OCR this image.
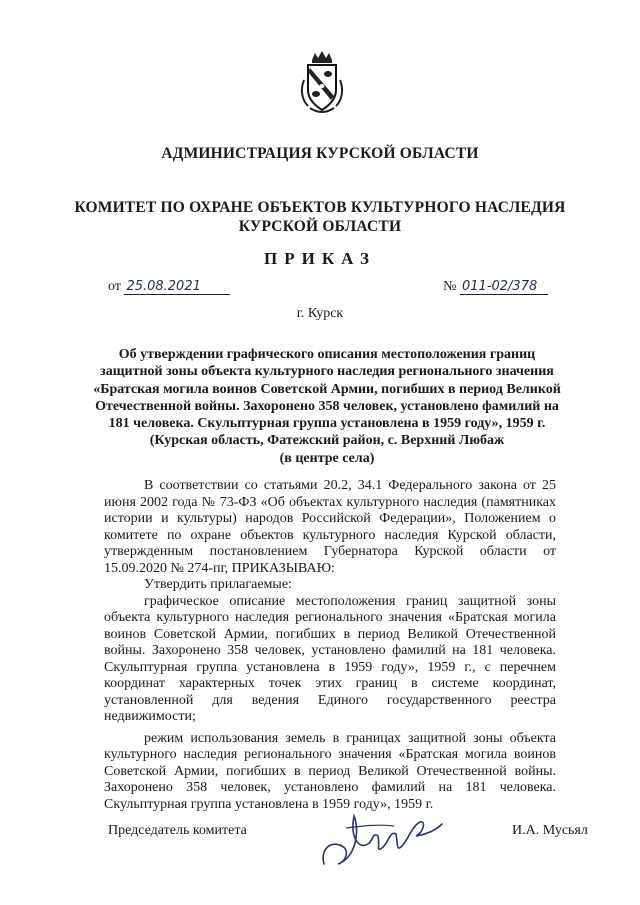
АДМИНИСТРАЦИЯ КУРСКОЙ ОБЛАСТИ
КОМИТЕТ ПО ОХРАНЕ ОБЪЕКТОВ КУЛЬТУРНОГО НАСЛЕДИЯ
КУРСКОЙ ОБЛАСТИ
ПРИКАЗ
от 25.08.2021	№ 011-02/378
г. Курск
Об утверждении графического описания местоположения границ
защитной зоны объекта культурного наследия регионального значения
«Братская могила воинов Советской Армии, погибших в период Великой
Отечественной войны. Захоронено 358 человек, установлено фамилий на
181 человека. Скульптурная группа установлена в 1959 году», 1959 г.
(Курская область, Фатежский район, с. Верхний Любаж
(в центре села)

В соответствии со статьями 20.2, 34.1 Федерального закона от 25 июня 2002 года № 73-ФЗ «Об объектах культурного наследия (памятниках истории и культуры) народов Российской Федерации», Положением о комитете по охране объектов культурного наследия Курской области, утвержденным постановлением Губернатора Курской области от 15.09.2020 № 274-пг, ПРИКАЗЫВАЮ:

Утвердить прилагаемые:

графическое описание местоположения границ защитной зоны объекта культурного наследия регионального значения «Братская могила воинов Советской Армии, погибших в период Великой Отечественной войны. Захоронено 358 человек, установлено фамилий на 181 человека. Скульптурная группа установлена в 1959 году», 1959 г., с перечнем координат характерных точек этих границ в системе координат, установленной для ведения Единого государственного реестра недвижимости;

режим использования земель в границах защитной зоны объекта культурного наследия регионального значения «Братская могила воинов Советской Армии, погибших в период Великой Отечественной войны. Захоронено 358 человек, установлено фамилий на 181 человека. Скульптурная группа установлена в 1959 году», 1959 г.

Председатель комитета	И.А. Мусьял
